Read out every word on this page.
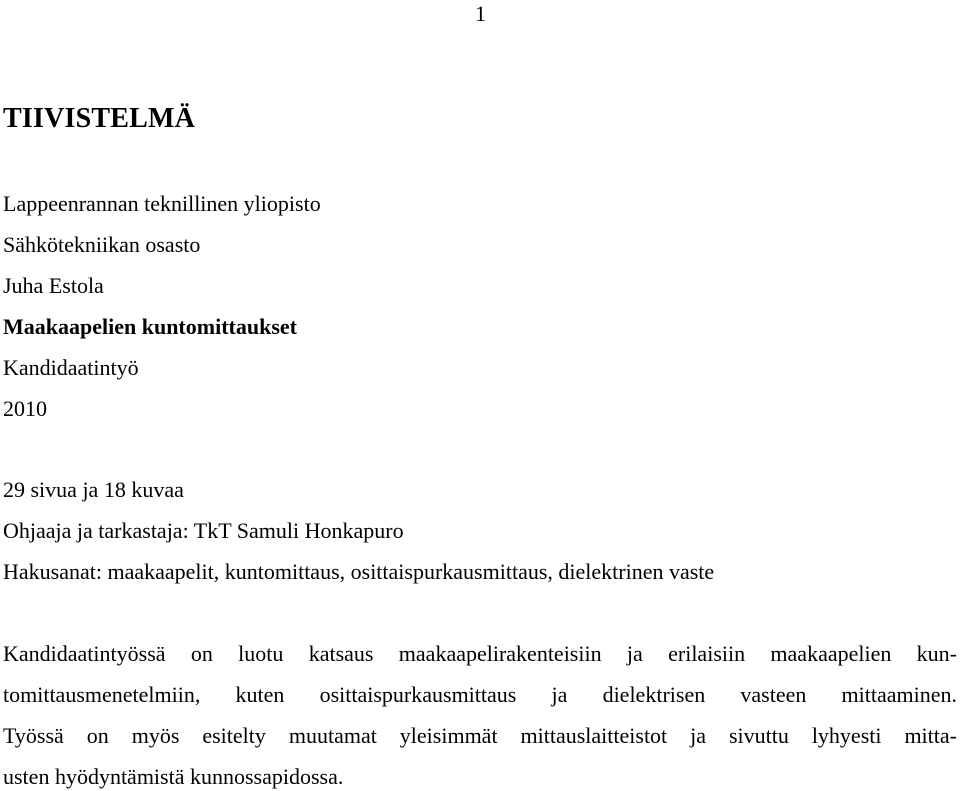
1
TIIVISTELMÄ
Lappeenrannan teknillinen yliopisto
Sähkötekniikan osasto
Juha Estola
Maakaapelien kuntomittaukset
Kandidaatintyö
2010
29 sivua ja 18 kuvaa
Ohjaaja ja tarkastaja: TkT Samuli Honkapuro
Hakusanat: maakaapelit, kuntomittaus, osittaispurkausmittaus, dielektrinen vaste
Kandidaatintyössä on luotu katsaus maakaapelirakenteisiin ja erilaisiin maakaapelien kun-
tomittausmenetelmiin, kuten osittaispurkausmittaus ja dielektrisen vasteen mittaaminen.
Työssä on myös esitelty muutamat yleisimmät mittauslaitteistot ja sivuttu lyhyesti mitta-
usten hyödyntämistä kunnossapidossa.
